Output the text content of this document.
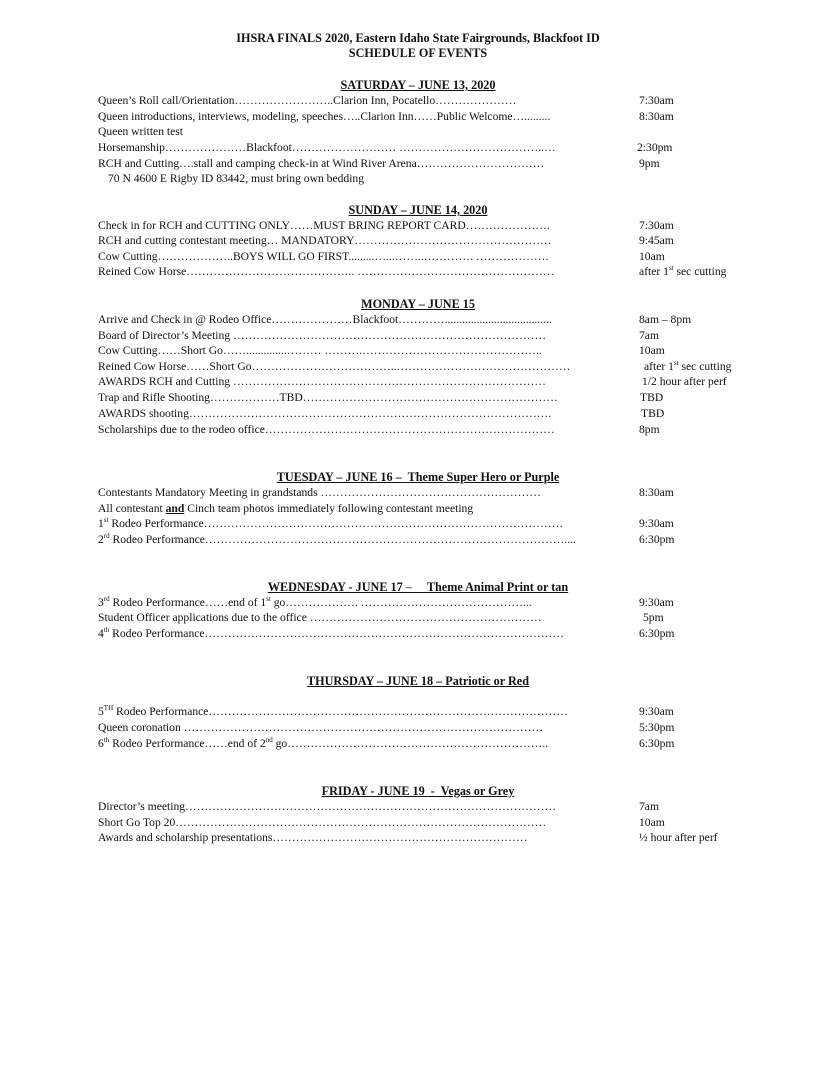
IHSRA FINALS 2020, Eastern Idaho State Fairgrounds, Blackfoot ID
SCHEDULE OF EVENTS
SATURDAY – JUNE 13, 2020
Queen’s Roll call/Orientation……………………..Clarion Inn, Pocatello…………………	7:30am
Queen introductions, interviews, modeling, speeches…..Clarion Inn……Public Welcome….........	8:30am
Queen written test
Horsemanship…………………Blackfoot……………………… ………………………………..…	2:30pm
RCH and Cutting….stall and camping check-in at Wind River Arena……………………………	9pm
70 N 4600 E Rigby ID 83442, must bring own bedding
SUNDAY – JUNE 14, 2020
Check in for RCH and CUTTING ONLY……MUST BRING REPORT CARD………………….	7:30am
RCH and cutting contestant meeting… MANDATORY……………………………………………	9:45am
Cow Cutting………………..BOYS WILL GO FIRST.........…...……..…………. ……………….	10am
Reined Cow Horse…………………………………….. ……………………………………………	after 1st sec cutting
MONDAY – JUNE 15
Arrive and Check in @ Rodeo Office…………………Blackfoot………….....................................	8am – 8pm
Board of Director’s Meeting ………………………………………………………………………	7am
Cow Cutting……Short Go……..............……… ……….………………………………………..	10am
Reined Cow Horse……Short Go………………………………..………………………………………	after 1st sec cutting
AWARDS RCH and Cutting ………………………………………………………………………	1/2 hour after perf
Trap and Rifle Shooting………………TBD…………………………………………………………	TBD
AWARDS shooting………………………………………………………………………………….	TBD
Scholarships due to the rodeo office…………………………………………………………………	8pm
TUESDAY – JUNE 16 – Theme Super Hero or Purple
Contestants Mandatory Meeting in grandstands …………………………………………………	8:30am
All contestant and Cinch team photos immediately following contestant meeting
1st Rodeo Performance…………………………………………………………………………………	9:30am
2rd Rodeo Performance…………………………………………………………………………………....	6:30pm
WEDNESDAY - JUNE 17 –     Theme Animal Print or tan
3rd Rodeo Performance……end of 1st go………………. ……………………………………...	9:30am
Student Officer applications due to the office ……………………………………………………	5pm
4th Rodeo Performance…………………………………………………………………………………	6:30pm
THURSDAY – JUNE 18 – Patriotic or Red
5TH Rodeo Performance…………………………………………………………………………………	9:30am
Queen coronation …………………………………………………………………………………	5:30pm
6th Rodeo Performance……end of 2nd go…………………………………………………………..	6:30pm
FRIDAY - JUNE 19  -  Vegas or Grey
Director’s meeting……………………………………………………………………………………	7am
Short Go Top 20……………………………………………………………………………………	10am
Awards and scholarship presentations…………………………………………………………	½ hour after perf
